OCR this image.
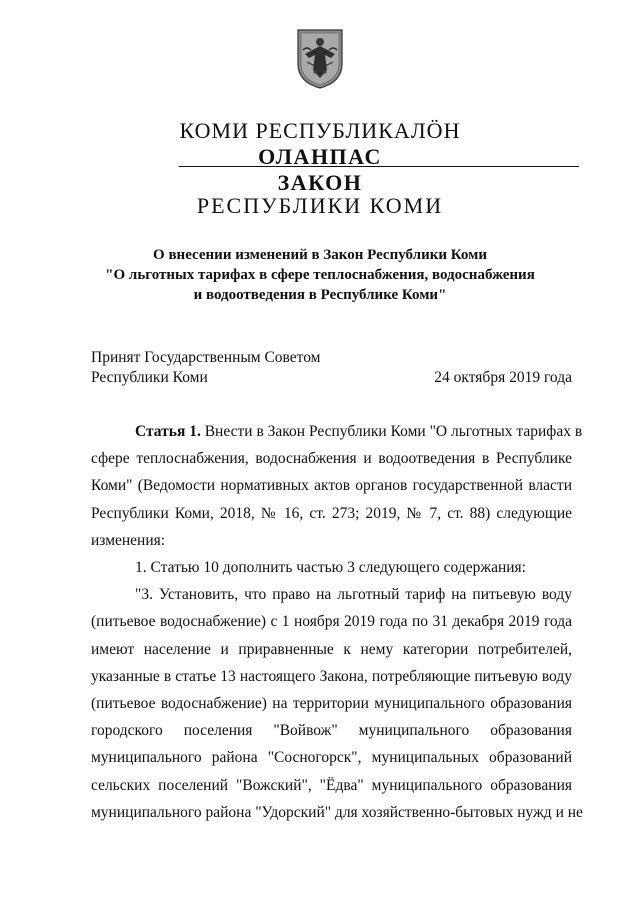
КОМИ РЕСПУБЛИКАЛӦН
ОЛАНПАС
ЗАКОН
РЕСПУБЛИКИ КОМИ
О внесении изменений в Закон Республики Коми
"О льготных тарифах в сфере теплоснабжения, водоснабжения
и водоотведения в Республике Коми"
Принят Государственным Советом
Республики Коми	24 октября 2019 года
Статья 1. Внести в Закон Республики Коми "О льготных тарифах в
сфере теплоснабжения, водоснабжения и водоотведения в Республике
Коми" (Ведомости нормативных актов органов государственной власти
Республики Коми, 2018, № 16, ст. 273; 2019, № 7, ст. 88) следующие
изменения:
1. Статью 10 дополнить частью 3 следующего содержания:
"3. Установить, что право на льготный тариф на питьевую воду
(питьевое водоснабжение) с 1 ноября 2019 года по 31 декабря 2019 года
имеют население и приравненные к нему категории потребителей,
указанные в статье 13 настоящего Закона, потребляющие питьевую воду
(питьевое водоснабжение) на территории муниципального образования
городского поселения "Войвож" муниципального образования
муниципального района "Сосногорск", муниципальных образований
сельских поселений "Вожский", "Ёдва" муниципального образования
муниципального района "Удорский" для хозяйственно-бытовых нужд и не
